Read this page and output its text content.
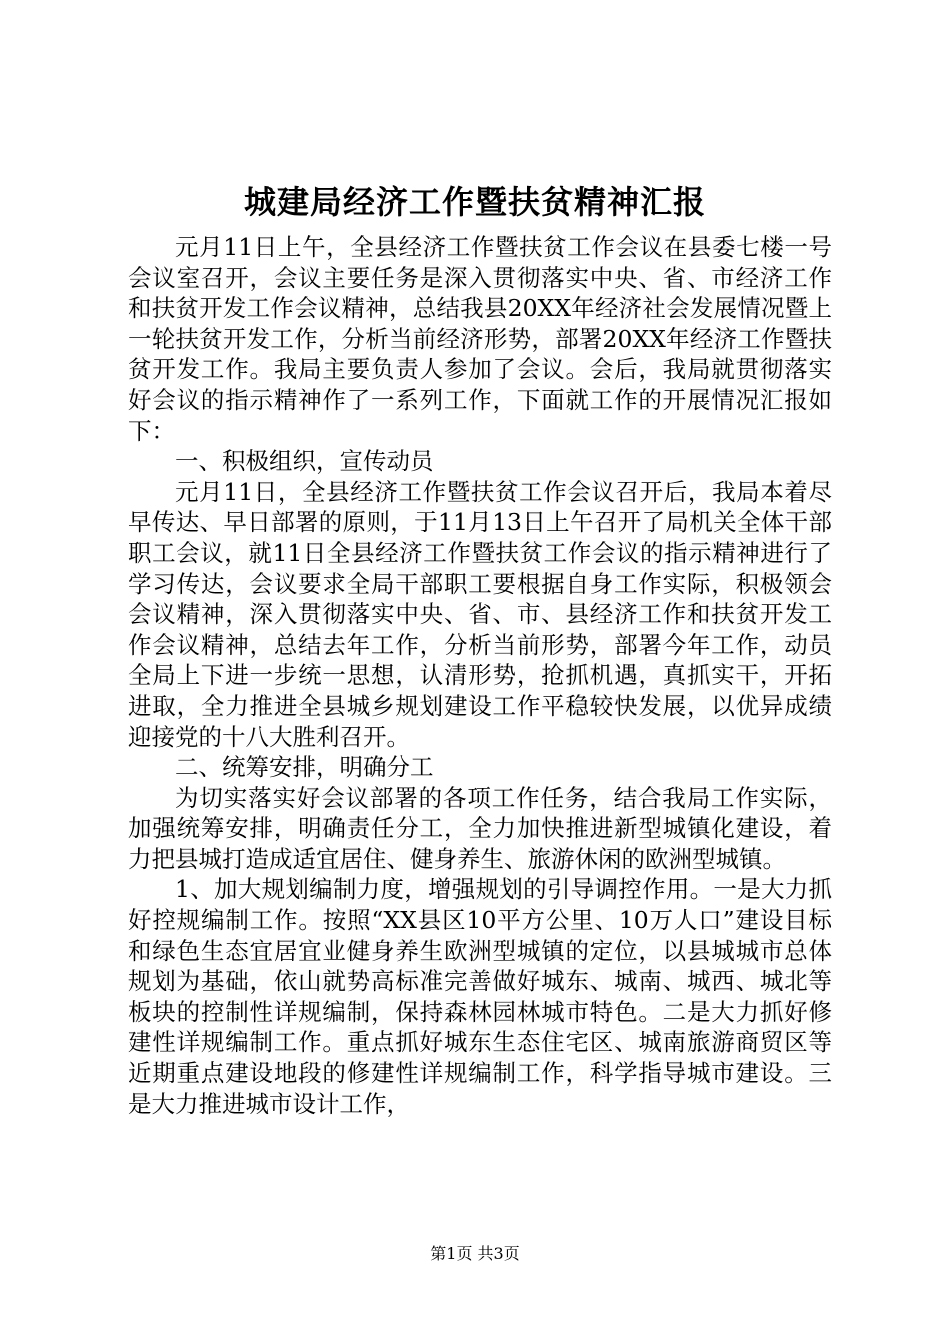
城建局经济工作暨扶贫精神汇报

元月11日上午，全县经济工作暨扶贫工作会议在县委七楼一号会议室召开，会议主要任务是深入贯彻落实中央、省、市经济工作和扶贫开发工作会议精神，总结我县20XX年经济社会发展情况暨上一轮扶贫开发工作，分析当前经济形势，部署20XX年经济工作暨扶贫开发工作。我局主要负责人参加了会议。会后，我局就贯彻落实好会议的指示精神作了一系列工作，下面就工作的开展情况汇报如下：

一、积极组织，宣传动员

元月11日，全县经济工作暨扶贫工作会议召开后，我局本着尽早传达、早日部署的原则，于11月13日上午召开了局机关全体干部职工会议，就11日全县经济工作暨扶贫工作会议的指示精神进行了学习传达，会议要求全局干部职工要根据自身工作实际，积极领会会议精神，深入贯彻落实中央、省、市、县经济工作和扶贫开发工作会议精神，总结去年工作，分析当前形势，部署今年工作，动员全局上下进一步统一思想，认清形势，抢抓机遇，真抓实干，开拓进取，全力推进全县城乡规划建设工作平稳较快发展，以优异成绩迎接党的十八大胜利召开。

二、统筹安排，明确分工

为切实落实好会议部署的各项工作任务，结合我局工作实际，加强统筹安排，明确责任分工，全力加快推进新型城镇化建设，着力把县城打造成适宜居住、健身养生、旅游休闲的欧洲型城镇。

1、加大规划编制力度，增强规划的引导调控作用。一是大力抓好控规编制工作。按照“XX县区10平方公里、10万人口”建设目标和绿色生态宜居宜业健身养生欧洲型城镇的定位，以县城城市总体规划为基础，依山就势高标准完善做好城东、城南、城西、城北等板块的控制性详规编制，保持森林园林城市特色。二是大力抓好修建性详规编制工作。重点抓好城东生态住宅区、城南旅游商贸区等近期重点建设地段的修建性详规编制工作，科学指导城市建设。三是大力推进城市设计工作，

第1页 共3页
